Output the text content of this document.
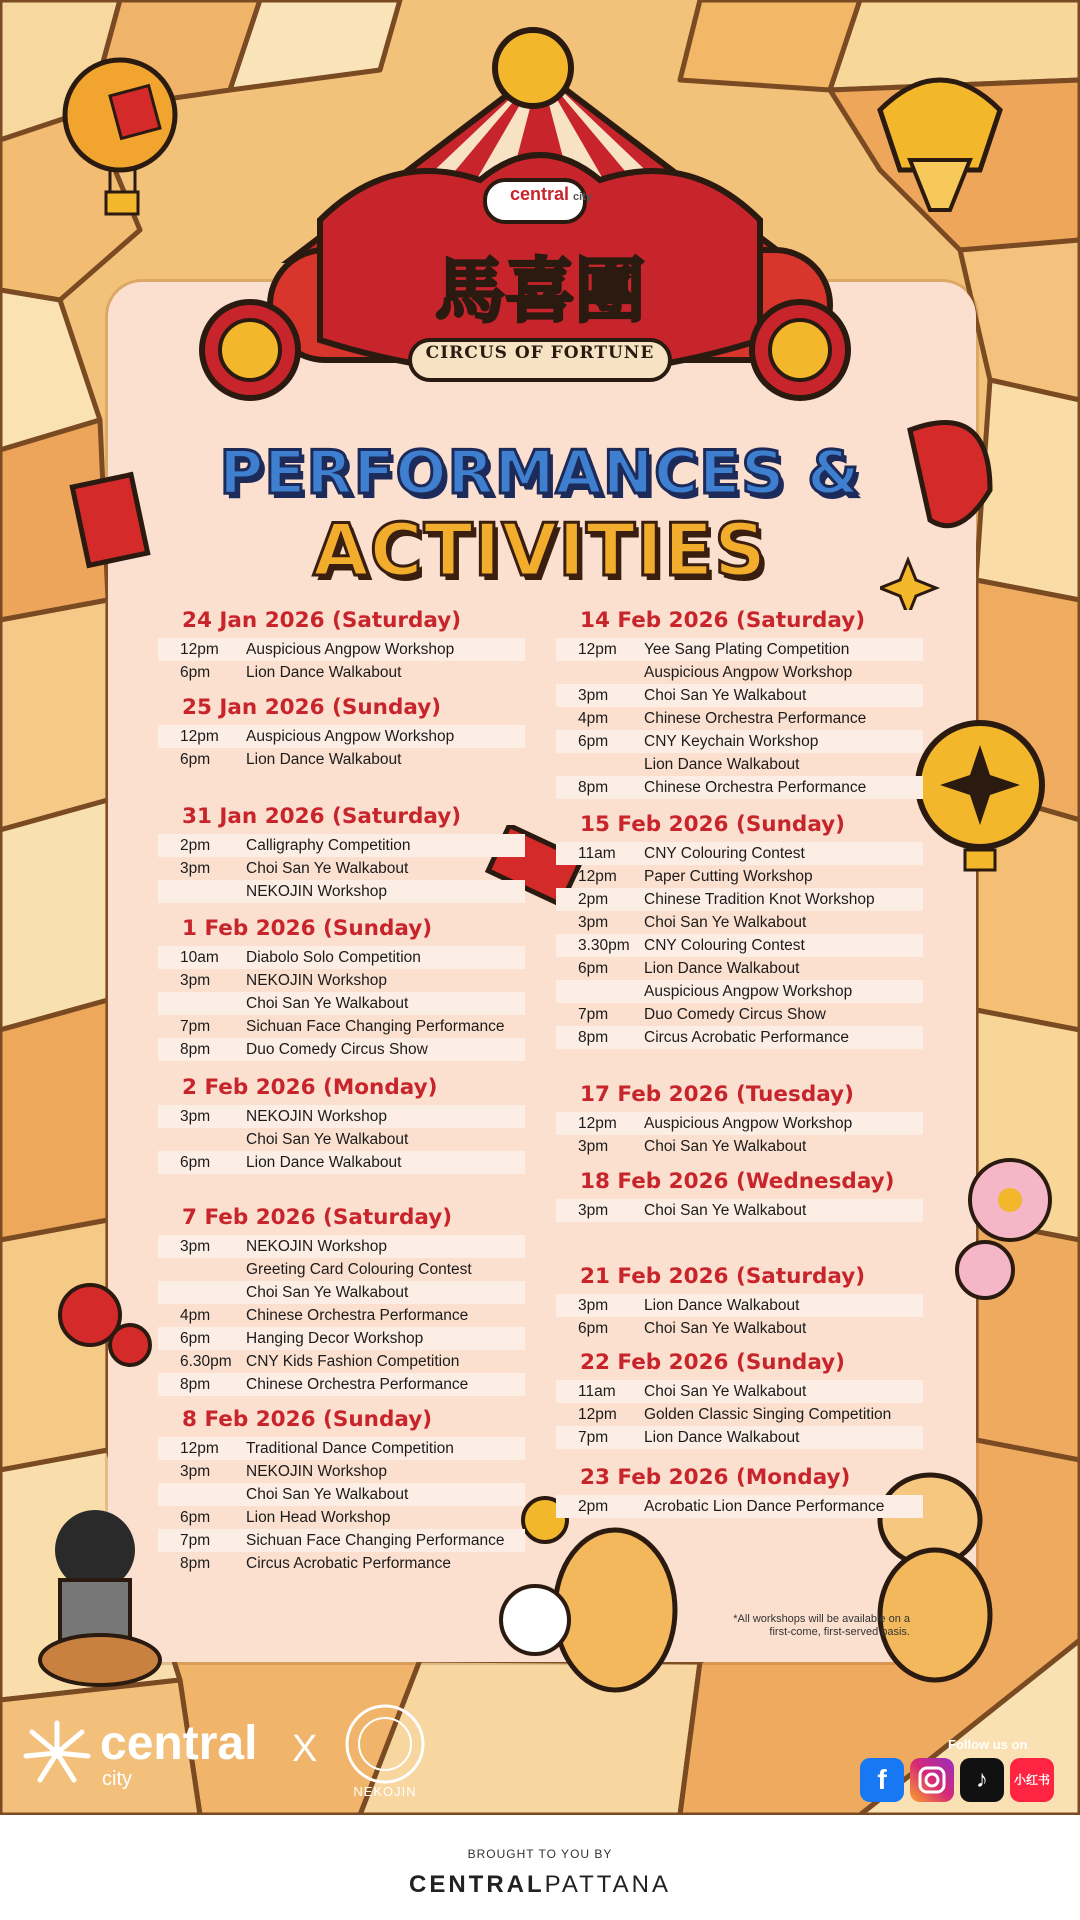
central city
馬喜團
CIRCUS OF FORTUNE
PERFORMANCES &
ACTIVITIES
24 Jan 2026 (Saturday)
12pm	Auspicious Angpow Workshop
6pm	Lion Dance Walkabout
25 Jan 2026 (Sunday)
12pm	Auspicious Angpow Workshop
6pm	Lion Dance Walkabout
31 Jan 2026 (Saturday)
2pm	Calligraphy Competition
3pm	Choi San Ye Walkabout
NEKOJIN Workshop
1 Feb 2026 (Sunday)
10am	Diabolo Solo Competition
3pm	NEKOJIN Workshop
Choi San Ye Walkabout
7pm	Sichuan Face Changing Performance
8pm	Duo Comedy Circus Show
2 Feb 2026 (Monday)
3pm	NEKOJIN Workshop
Choi San Ye Walkabout
6pm	Lion Dance Walkabout
7 Feb 2026 (Saturday)
3pm	NEKOJIN Workshop
Greeting Card Colouring Contest
Choi San Ye Walkabout
4pm	Chinese Orchestra Performance
6pm	Hanging Decor Workshop
6.30pm CNY Kids Fashion Competition
8pm	Chinese Orchestra Performance
8 Feb 2026 (Sunday)
12pm	Traditional Dance Competition
3pm	NEKOJIN Workshop
Choi San Ye Walkabout
6pm	Lion Head Workshop
7pm	Sichuan Face Changing Performance
8pm	Circus Acrobatic Performance
14 Feb 2026 (Saturday)
12pm	Yee Sang Plating Competition
Auspicious Angpow Workshop
3pm	Choi San Ye Walkabout
4pm	Chinese Orchestra Performance
6pm	CNY Keychain Workshop
Lion Dance Walkabout
8pm	Chinese Orchestra Performance
15 Feb 2026 (Sunday)
11am	CNY Colouring Contest
12pm	Paper Cutting Workshop
2pm	Chinese Tradition Knot Workshop
3pm	Choi San Ye Walkabout
3.30pm CNY Colouring Contest
6pm	Lion Dance Walkabout
Auspicious Angpow Workshop
7pm	Duo Comedy Circus Show
8pm	Circus Acrobatic Performance
17 Feb 2026 (Tuesday)
12pm	Auspicious Angpow Workshop
3pm	Choi San Ye Walkabout
18 Feb 2026 (Wednesday)
3pm	Choi San Ye Walkabout
21 Feb 2026 (Saturday)
3pm	Lion Dance Walkabout
6pm	Choi San Ye Walkabout
22 Feb 2026 (Sunday)
11am	Choi San Ye Walkabout
12pm	Golden Classic Singing Competition
7pm	Lion Dance Walkabout
23 Feb 2026 (Monday)
2pm	Acrobatic Lion Dance Performance
*All workshops will be available on a first-come, first-served basis.
central
city
X
NEKOJIN
Follow us on
f	♪	小红书
BROUGHT TO YOU BY
CENTRALPATTANA
